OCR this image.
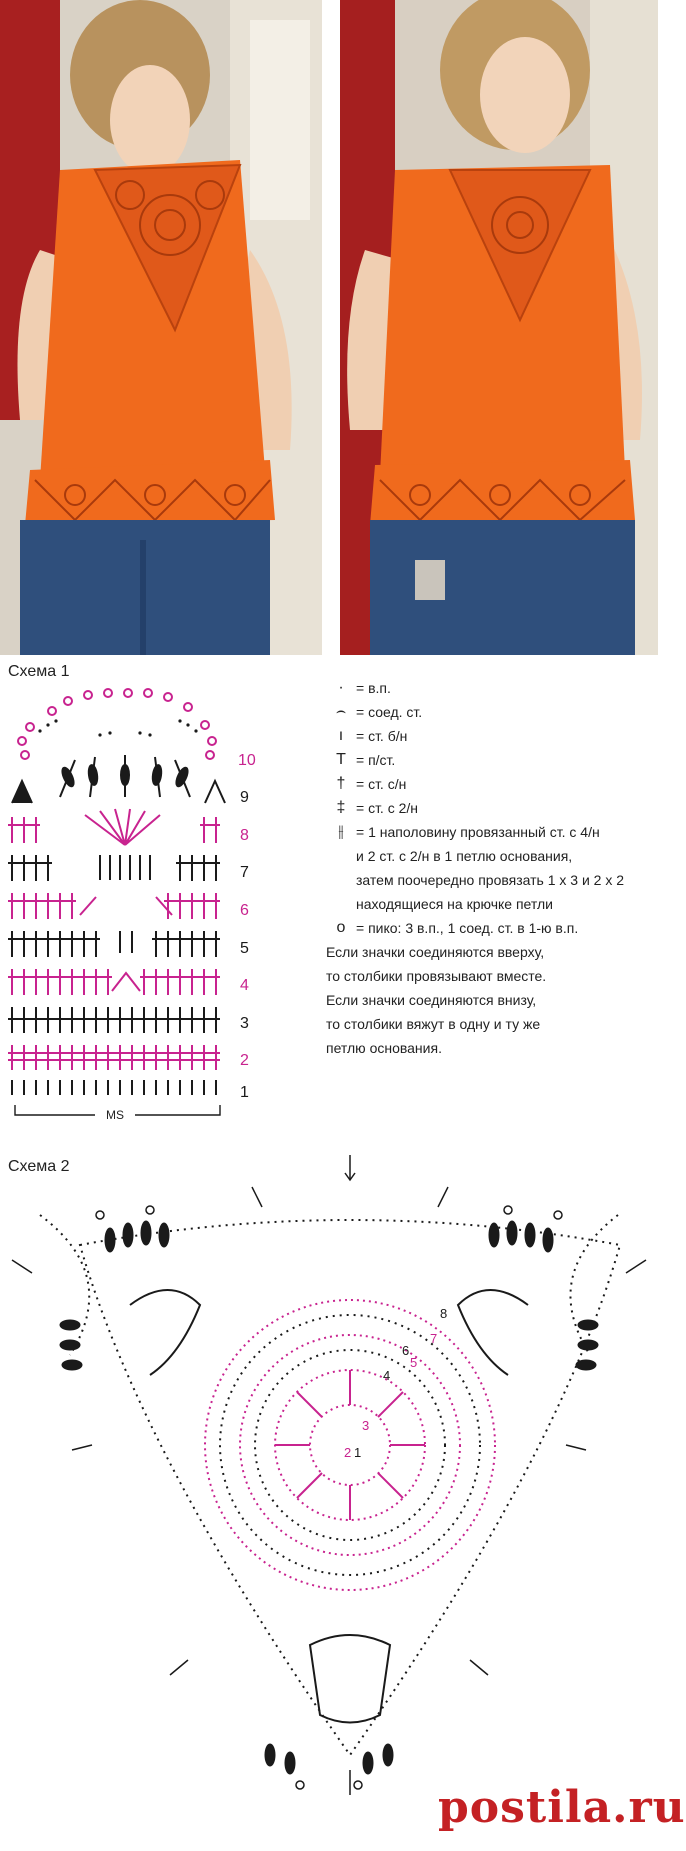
Схема 1
Схема 2
MS
1
2
3
4
5
6
7
8
9
10
· = в.п.
⌢ = соед. ст.
ı = ст. б/н
T = п/ст.
† = ст. с/н
‡ = ст. с 2/н
⫲ = 1 наполовину провязанный ст. с 4/н
и 2 ст. с 2/н в 1 петлю основания,
затем поочередно провязать 1 х 3 и 2 х 2
находящиеся на крючке петли
o = пико: 3 в.п., 1 соед. ст. в 1-ю в.п.
Если значки соединяются вверху,
то столбики провязывают вместе.
Если значки соединяются внизу,
то столбики вяжут в одну и ту же
петлю основания.
1
2
3
4
5
6
7
8
postila.ru
